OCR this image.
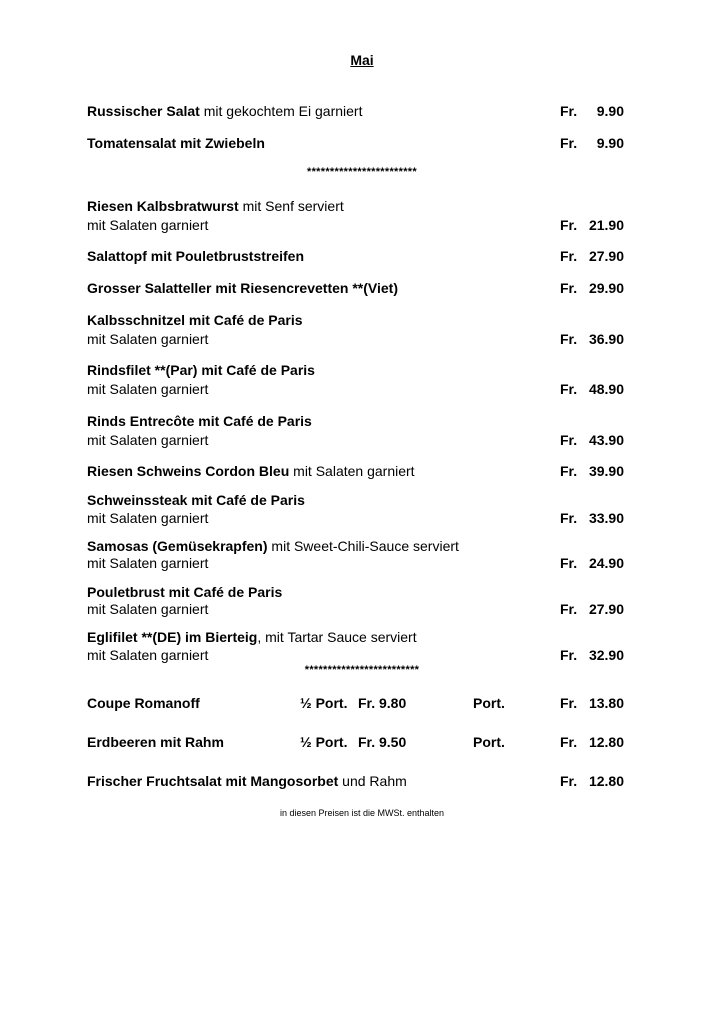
Mai
Russischer Salat mit gekochtem Ei garniert	Fr. 9.90
Tomatensalat mit Zwiebeln	Fr. 9.90
************************
Riesen Kalbsbratwurst mit Senf serviert
mit Salaten garniert	Fr. 21.90
Salattopf mit Pouletbruststreifen	Fr. 27.90
Grosser Salatteller mit Riesencrevetten **(Viet)	Fr. 29.90
Kalbsschnitzel mit Café de Paris
mit Salaten garniert	Fr. 36.90
Rindsfilet **(Par) mit Café de Paris
mit Salaten garniert	Fr. 48.90
Rinds Entrecôte mit Café de Paris
mit Salaten garniert	Fr. 43.90
Riesen Schweins Cordon Bleu mit Salaten garniert	Fr. 39.90
Schweinssteak mit Café de Paris
mit Salaten garniert	Fr. 33.90
Samosas (Gemüsekrapfen) mit Sweet-Chili-Sauce serviert
mit Salaten garniert	Fr. 24.90
Pouletbrust mit Café de Paris
mit Salaten garniert	Fr. 27.90
Eglifilet **(DE) im Bierteig, mit Tartar Sauce serviert
mit Salaten garniert	Fr. 32.90
*************************
Coupe Romanoff	½ Port. Fr. 9.80	Port.	Fr. 13.80
Erdbeeren mit Rahm	½ Port. Fr. 9.50	Port.	Fr. 12.80
Frischer Fruchtsalat mit Mangosorbet und Rahm	Fr. 12.80
in diesen Preisen ist die MWSt. enthalten
